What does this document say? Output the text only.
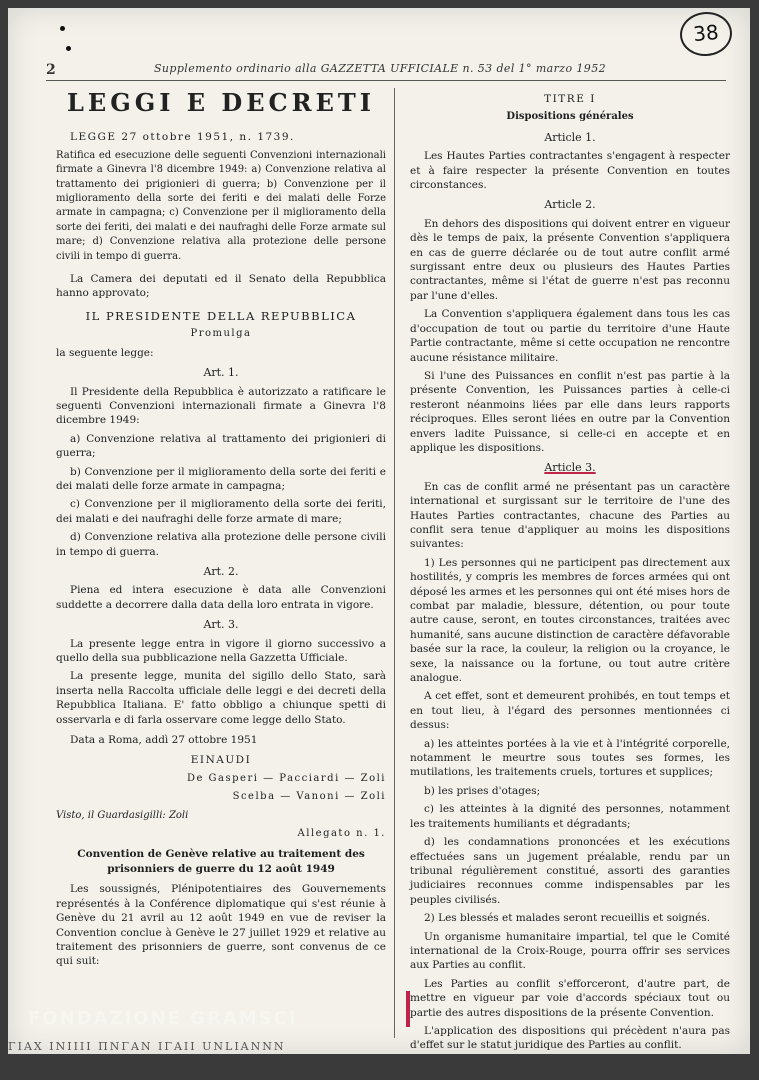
2	Supplemento ordinario alla GAZZETTA UFFICIALE n. 53 del 1° marzo 1952
38
LEGGI E DECRETI

LEGGE 27 ottobre 1951, n. 1739.

Ratifica ed esecuzione delle seguenti Convenzioni internazionali firmate a Ginevra l'8 dicembre 1949: a) Convenzione relativa al trattamento dei prigionieri di guerra; b) Convenzione per il miglioramento della sorte dei feriti e dei malati delle Forze armate in campagna; c) Convenzione per il miglioramento della sorte dei feriti, dei malati e dei naufraghi delle Forze armate sul mare; d) Convenzione relativa alla protezione delle persone civili in tempo di guerra.

La Camera dei deputati ed il Senato della Repubblica hanno approvato;

IL PRESIDENTE DELLA REPUBBLICA

Promulga

la seguente legge:

Art. 1.

Il Presidente della Repubblica è autorizzato a ratificare le seguenti Convenzioni internazionali firmate a Ginevra l'8 dicembre 1949:

a) Convenzione relativa al trattamento dei prigionieri di guerra;

b) Convenzione per il miglioramento della sorte dei feriti e dei malati delle forze armate in campagna;

c) Convenzione per il miglioramento della sorte dei feriti, dei malati e dei naufraghi delle forze armate di mare;

d) Convenzione relativa alla protezione delle persone civili in tempo di guerra.

Art. 2.

Piena ed intera esecuzione è data alle Convenzioni suddette a decorrere dalla data della loro entrata in vigore.

Art. 3.

La presente legge entra in vigore il giorno successivo a quello della sua pubblicazione nella Gazzetta Ufficiale.

La presente legge, munita del sigillo dello Stato, sarà inserta nella Raccolta ufficiale delle leggi e dei decreti della Repubblica Italiana. E' fatto obbligo a chiunque spetti di osservarla e di farla osservare come legge dello Stato.

Data a Roma, addì 27 ottobre 1951

EINAUDI

De Gasperi — Pacciardi — Zoli

Scelba — Vanoni — Zoli

Visto, il Guardasigilli: Zoli

Allegato n. 1.

Convention de Genève relative au traitement des prisonniers de guerre du 12 août 1949

Les soussignés, Plénipotentiaires des Gouvernements représentés à la Conférence diplomatique qui s'est réunie à Genève du 21 avril au 12 août 1949 en vue de reviser la Convention conclue à Genève le 27 juillet 1929 et relative au traitement des prisonniers de guerre, sont convenus de ce qui suit:

TITRE I

Dispositions générales

Article 1.

Les Hautes Parties contractantes s'engagent à respecter et à faire respecter la présente Convention en toutes circonstances.

Article 2.

En dehors des dispositions qui doivent entrer en vigueur dès le temps de paix, la présente Convention s'appliquera en cas de guerre déclarée ou de tout autre conflit armé surgissant entre deux ou plusieurs des Hautes Parties contractantes, même si l'état de guerre n'est pas reconnu par l'une d'elles.

La Convention s'appliquera également dans tous les cas d'occupation de tout ou partie du territoire d'une Haute Partie contractante, même si cette occupation ne rencontre aucune résistance militaire.

Si l'une des Puissances en conflit n'est pas partie à la présente Convention, les Puissances parties à celle-ci resteront néanmoins liées par elle dans leurs rapports réciproques. Elles seront liées en outre par la Convention envers ladite Puissance, si celle-ci en accepte et en applique les dispositions.

Article 3.

En cas de conflit armé ne présentant pas un caractère international et surgissant sur le territoire de l'une des Hautes Parties contractantes, chacune des Parties au conflit sera tenue d'appliquer au moins les dispositions suivantes:

1) Les personnes qui ne participent pas directement aux hostilités, y compris les membres de forces armées qui ont déposé les armes et les personnes qui ont été mises hors de combat par maladie, blessure, détention, ou pour toute autre cause, seront, en toutes circonstances, traitées avec humanité, sans aucune distinction de caractère défavorable basée sur la race, la couleur, la religion ou la croyance, le sexe, la naissance ou la fortune, ou tout autre critère analogue.

A cet effet, sont et demeurent prohibés, en tout temps et en tout lieu, à l'égard des personnes mentionnées ci dessus:

a) les atteintes portées à la vie et à l'intégrité corporelle, notamment le meurtre sous toutes ses formes, les mutilations, les traitements cruels, tortures et supplices;

b) les prises d'otages;

c) les atteintes à la dignité des personnes, notamment les traitements humiliants et dégradants;

d) les condamnations prononcées et les exécutions effectuées sans un jugement préalable, rendu par un tribunal régulièrement constitué, assorti des garanties judiciaires reconnues comme indispensables par les peuples civilisés.

2) Les blessés et malades seront recueillis et soignés.

Un organisme humanitaire impartial, tel que le Comité international de la Croix-Rouge, pourra offrir ses services aux Parties au conflit.

Les Parties au conflit s'efforceront, d'autre part, de mettre en vigueur par voie d'accords spéciaux tout ou partie des autres dispositions de la présente Convention.

L'application des dispositions qui précèdent n'aura pas d'effet sur le statut juridique des Parties au conflit.

FONDAZIONE GRAMSCI
ΓΙΑΧ ΙΝΙΙΙΙ ΠΝΓΑΝ ΙΓΑΙΙ UNLIANNN
